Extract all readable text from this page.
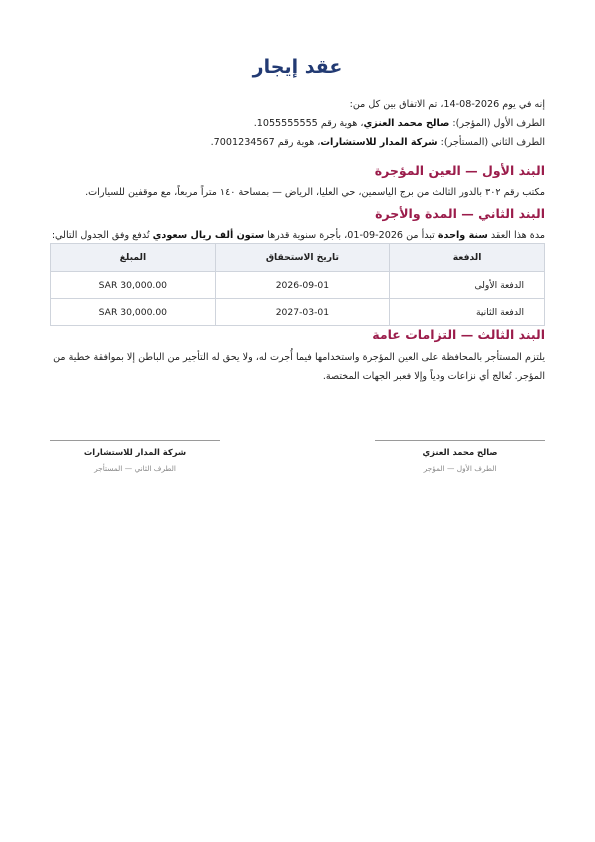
عقد إيجار

إنه في يوم 2026-08-14، تم الاتفاق بين كل من:

الطرف الأول (المؤجر): صالح محمد العنزي، هوية رقم 1055555555.

الطرف الثاني (المستأجر): شركة المدار للاستشارات، هوية رقم 7001234567.

البند الأول — العين المؤجرة

مكتب رقم ٣٠٢ بالدور الثالث من برج الياسمين، حي العليا، الرياض — بمساحة ١٤٠ متراً مربعاً، مع موقفين للسيارات.

البند الثاني — المدة والأجرة

مدة هذا العقد سنة واحدة تبدأ من 2026-09-01، بأجرة سنوية قدرها ستون ألف ريال سعودي تُدفع وفق الجدول التالي:

الدفعة	تاريخ الاستحقاق	المبلغ
الدفعة الأولى	2026-09-01	SAR 30,000.00
الدفعة الثانية	2027-03-01	SAR 30,000.00
البند الثالث — التزامات عامة

يلتزم المستأجر بالمحافظة على العين المؤجرة واستخدامها فيما أُجرت له، ولا يحق له التأجير من الباطن إلا بموافقة خطية من المؤجر. تُعالج أي نزاعات ودياً وإلا فعبر الجهات المختصة.

صالح محمد العنزي
الطرف الأول — المؤجر
شركة المدار للاستشارات
الطرف الثاني — المستأجر
